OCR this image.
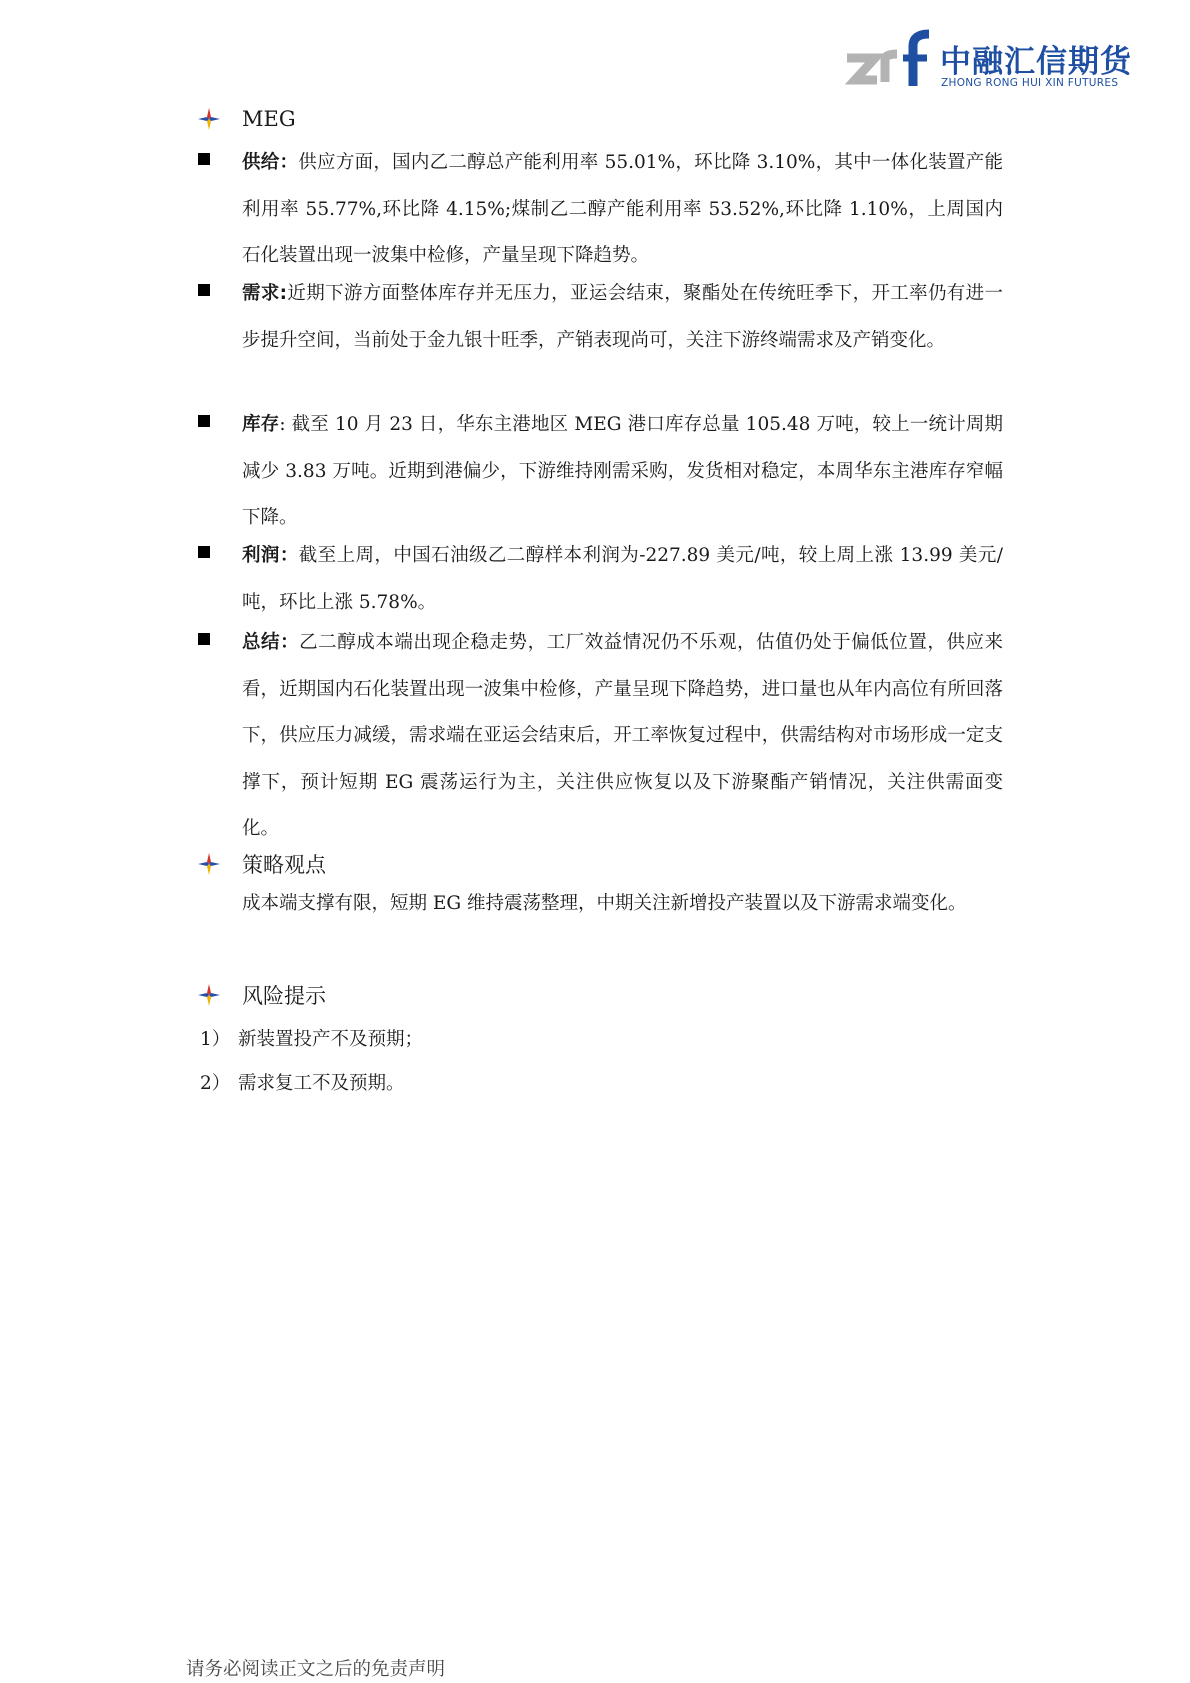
中融汇信期货
ZHONG RONG HUI XIN FUTURES
MEG
供给：供应方面，国内乙二醇总产能利用率 55.01%，环比降 3.10%，其中一体化装置产能利用率 55.77%,环比降 4.15%;煤制乙二醇产能利用率 53.52%,环比降 1.10%，上周国内石化装置出现一波集中检修，产量呈现下降趋势。
需求:近期下游方面整体库存并无压力，亚运会结束，聚酯处在传统旺季下，开工率仍有进一步提升空间，当前处于金九银十旺季，产销表现尚可，关注下游终端需求及产销变化。
库存: 截至 10 月 23 日，华东主港地区 MEG 港口库存总量 105.48 万吨，较上一统计周期减少 3.83 万吨。近期到港偏少，下游维持刚需采购，发货相对稳定，本周华东主港库存窄幅下降。
利润：截至上周，中国石油级乙二醇样本利润为-227.89 美元/吨，较上周上涨 13.99 美元/吨，环比上涨 5.78%。
总结：乙二醇成本端出现企稳走势，工厂效益情况仍不乐观，估值仍处于偏低位置，供应来看，近期国内石化装置出现一波集中检修，产量呈现下降趋势，进口量也从年内高位有所回落下，供应压力减缓，需求端在亚运会结束后，开工率恢复过程中，供需结构对市场形成一定支撑下，预计短期 EG 震荡运行为主，关注供应恢复以及下游聚酯产销情况，关注供需面变化。
策略观点
成本端支撑有限，短期 EG 维持震荡整理，中期关注新增投产装置以及下游需求端变化。
风险提示
1） 新装置投产不及预期；
2） 需求复工不及预期。
请务必阅读正文之后的免责声明
